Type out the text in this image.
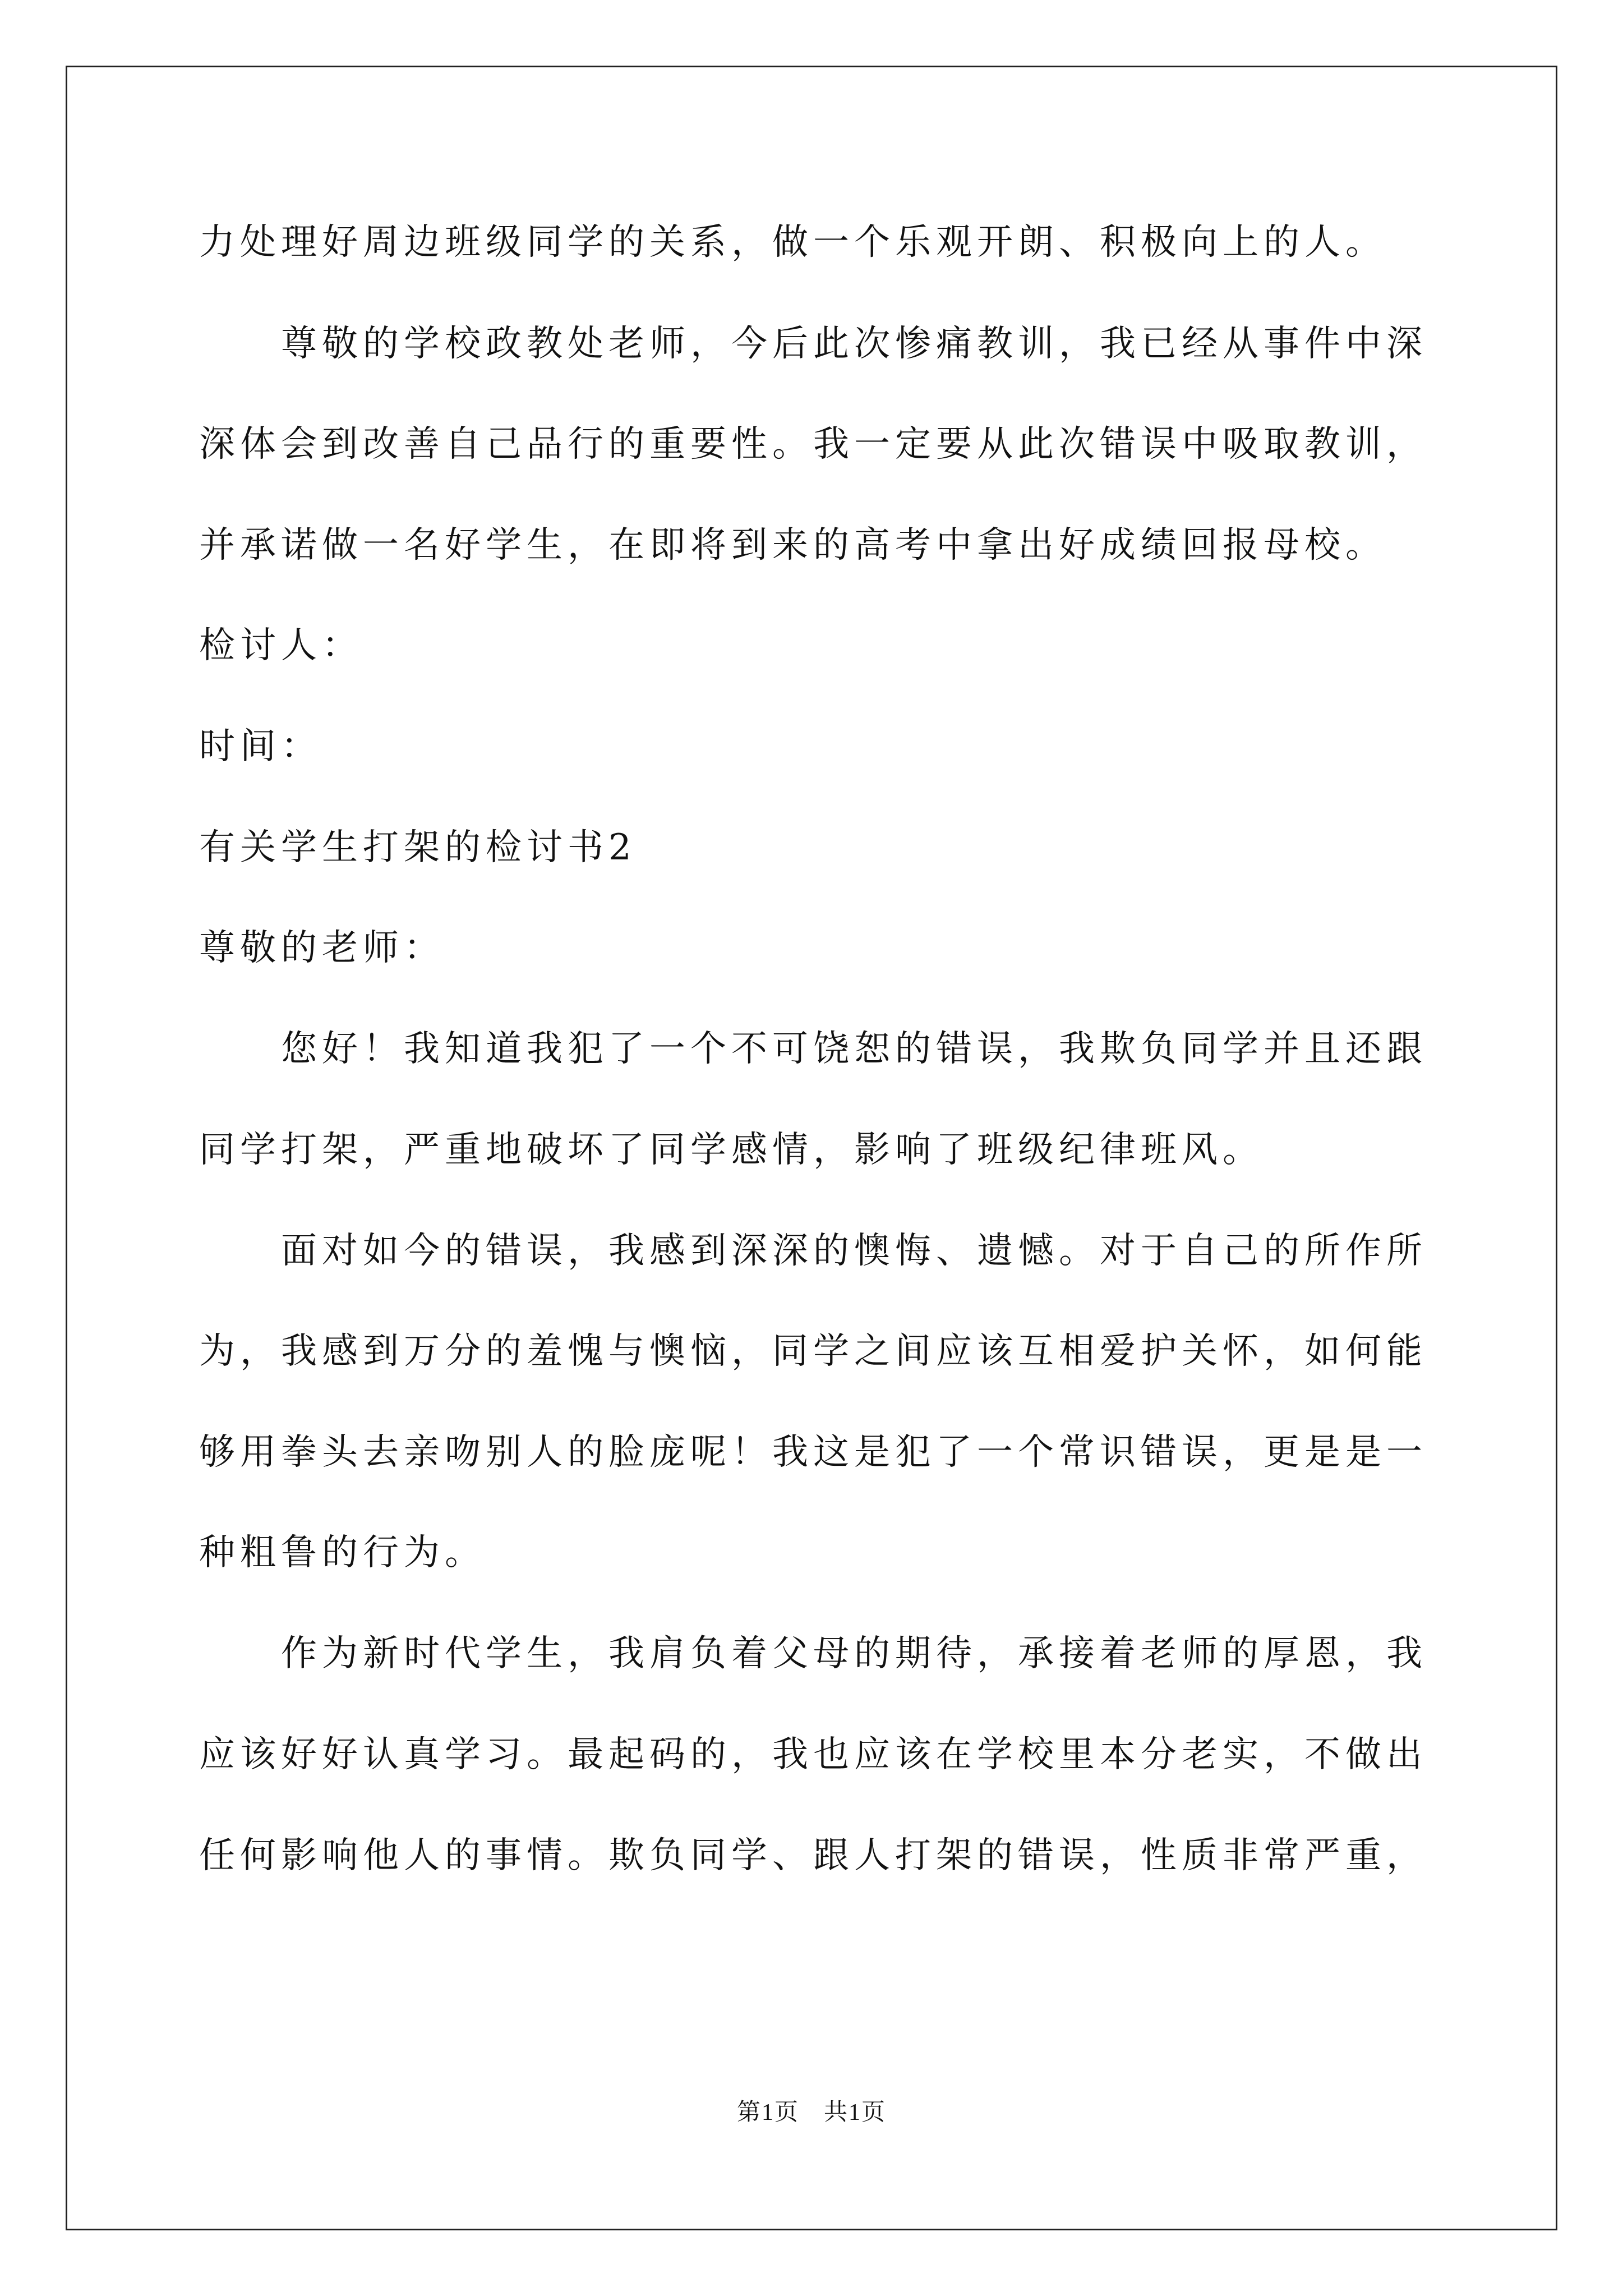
力处理好周边班级同学的关系，做一个乐观开朗、积极向上的人。

尊敬的学校政教处老师，今后此次惨痛教训，我已经从事件中深

深体会到改善自己品行的重要性。我一定要从此次错误中吸取教训，

并承诺做一名好学生，在即将到来的高考中拿出好成绩回报母校。

检讨人：

时间：

有关学生打架的检讨书2

尊敬的老师：

您好！我知道我犯了一个不可饶恕的错误，我欺负同学并且还跟

同学打架，严重地破坏了同学感情，影响了班级纪律班风。

面对如今的错误，我感到深深的懊悔、遗憾。对于自己的所作所

为，我感到万分的羞愧与懊恼，同学之间应该互相爱护关怀，如何能

够用拳头去亲吻别人的脸庞呢！我这是犯了一个常识错误，更是是一

种粗鲁的行为。

作为新时代学生，我肩负着父母的期待，承接着老师的厚恩，我

应该好好认真学习。最起码的，我也应该在学校里本分老实，不做出

任何影响他人的事情。欺负同学、跟人打架的错误，性质非常严重，

第1页　共1页
